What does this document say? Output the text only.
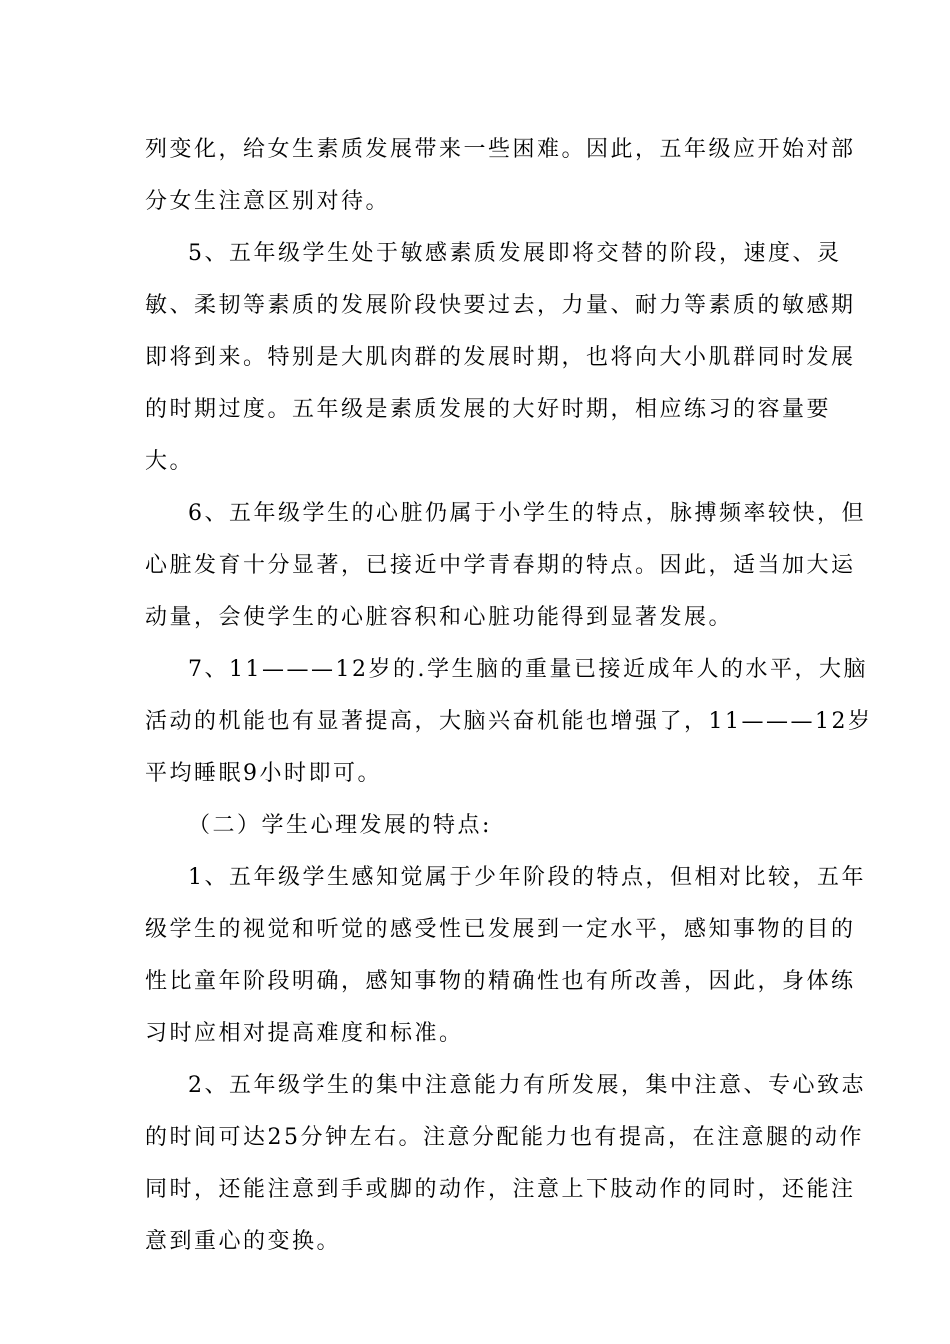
列变化，给女生素质发展带来一些困难。因此，五年级应开始对部
分女生注意区别对待。
5、五年级学生处于敏感素质发展即将交替的阶段，速度、灵
敏、柔韧等素质的发展阶段快要过去，力量、耐力等素质的敏感期
即将到来。特别是大肌肉群的发展时期，也将向大小肌群同时发展
的时期过度。五年级是素质发展的大好时期，相应练习的容量要
大。
6、五年级学生的心脏仍属于小学生的特点，脉搏频率较快，但
心脏发育十分显著，已接近中学青春期的特点。因此，适当加大运
动量，会使学生的心脏容积和心脏功能得到显著发展。
7、11———12岁的.学生脑的重量已接近成年人的水平，大脑
活动的机能也有显著提高，大脑兴奋机能也增强了，11———12岁
平均睡眠9小时即可。
（二）学生心理发展的特点:
1、五年级学生感知觉属于少年阶段的特点，但相对比较，五年
级学生的视觉和听觉的感受性已发展到一定水平，感知事物的目的
性比童年阶段明确，感知事物的精确性也有所改善，因此，身体练
习时应相对提高难度和标准。
2、五年级学生的集中注意能力有所发展，集中注意、专心致志
的时间可达25分钟左右。注意分配能力也有提高，在注意腿的动作
同时，还能注意到手或脚的动作，注意上下肢动作的同时，还能注
意到重心的变换。
